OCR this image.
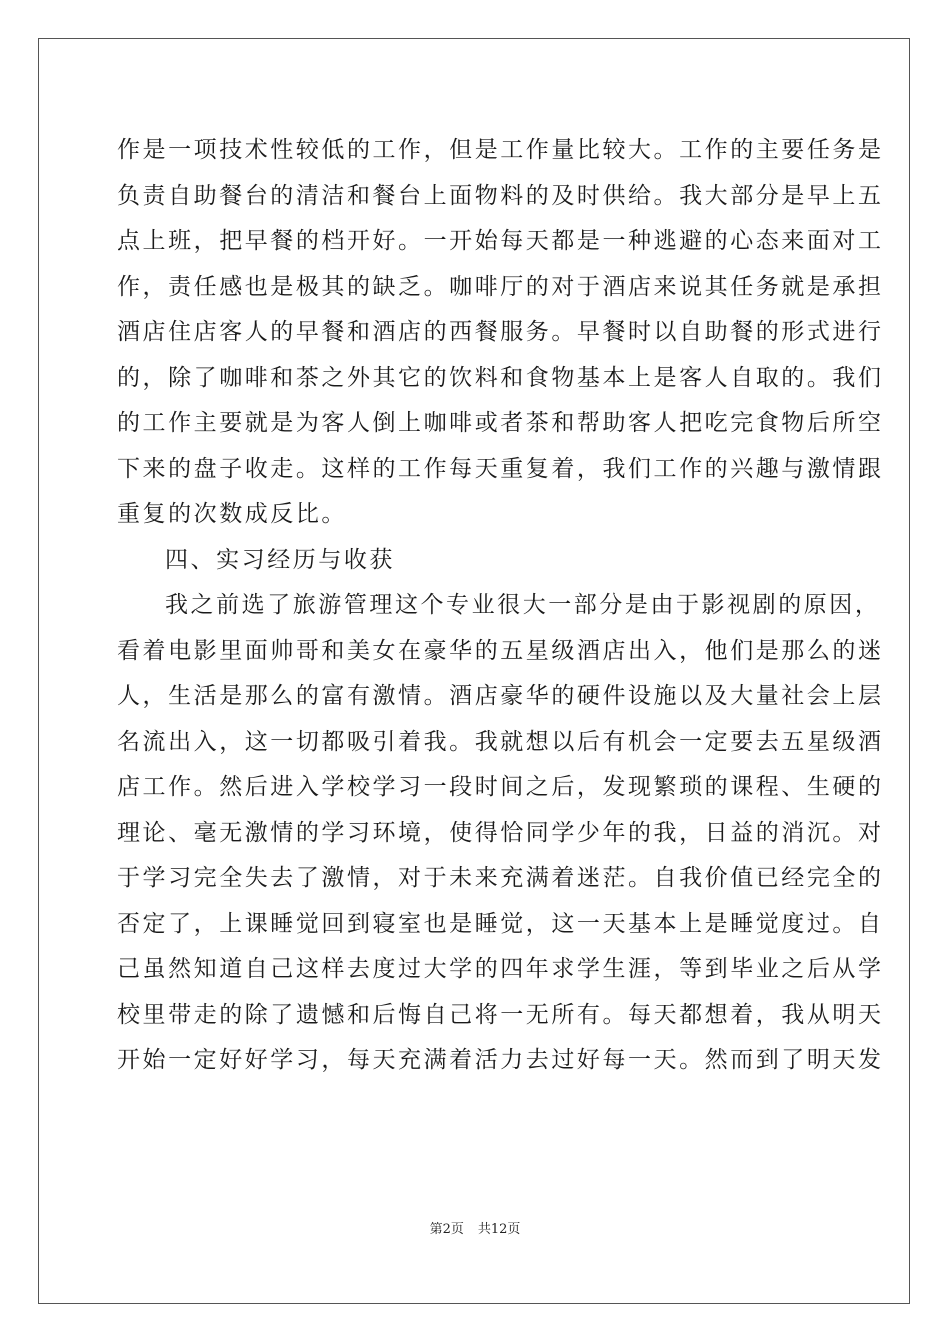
作是一项技术性较低的工作，但是工作量比较大。工作的主要任务是
负责自助餐台的清洁和餐台上面物料的及时供给。我大部分是早上五
点上班，把早餐的档开好。一开始每天都是一种逃避的心态来面对工
作，责任感也是极其的缺乏。咖啡厅的对于酒店来说其任务就是承担
酒店住店客人的早餐和酒店的西餐服务。早餐时以自助餐的形式进行
的，除了咖啡和茶之外其它的饮料和食物基本上是客人自取的。我们
的工作主要就是为客人倒上咖啡或者茶和帮助客人把吃完食物后所空
下来的盘子收走。这样的工作每天重复着，我们工作的兴趣与激情跟
重复的次数成反比。
四、实习经历与收获
我之前选了旅游管理这个专业很大一部分是由于影视剧的原因，
看着电影里面帅哥和美女在豪华的五星级酒店出入，他们是那么的迷
人，生活是那么的富有激情。酒店豪华的硬件设施以及大量社会上层
名流出入，这一切都吸引着我。我就想以后有机会一定要去五星级酒
店工作。然后进入学校学习一段时间之后，发现繁琐的课程、生硬的
理论、毫无激情的学习环境，使得恰同学少年的我，日益的消沉。对
于学习完全失去了激情，对于未来充满着迷茫。自我价值已经完全的
否定了，上课睡觉回到寝室也是睡觉，这一天基本上是睡觉度过。自
己虽然知道自己这样去度过大学的四年求学生涯，等到毕业之后从学
校里带走的除了遗憾和后悔自己将一无所有。每天都想着，我从明天
开始一定好好学习，每天充满着活力去过好每一天。然而到了明天发
第2页 共12页
